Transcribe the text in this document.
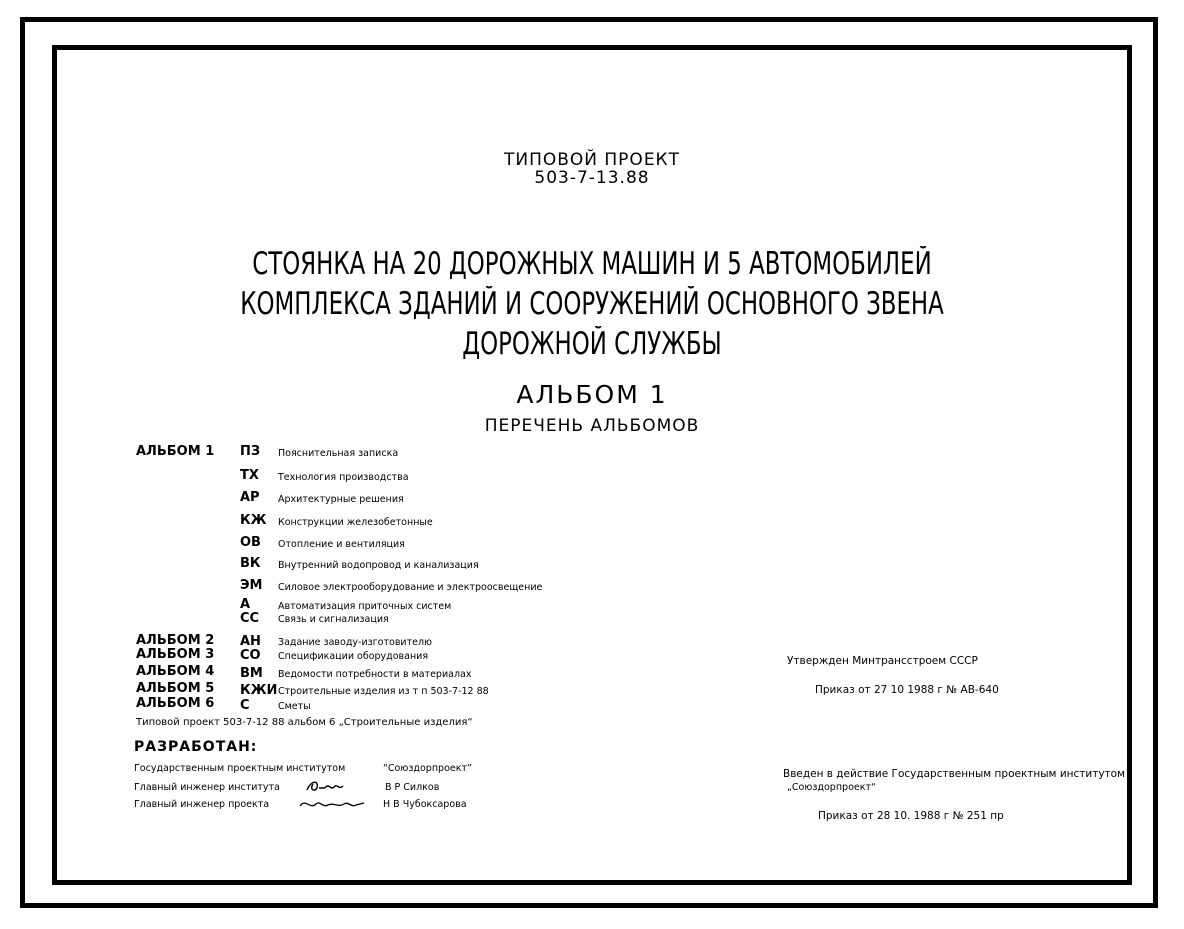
ТИПОВОЙ ПРОЕКТ
503-7-13.88
СТОЯНКА НА 20 ДОРОЖНЫХ МАШИН И 5 АВТОМОБИЛЕЙ
КОМПЛЕКСА ЗДАНИЙ И СООРУЖЕНИЙ ОСНОВНОГО ЗВЕНА
ДОРОЖНОЙ СЛУЖБЫ
АЛЬБОМ 1
ПЕРЕЧЕНЬ АЛЬБОМОВ
АЛЬБОМ 1 ПЗ Пояснительная записка
ТХ Технология производства
АР Архитектурные решения
КЖ Конструкции железобетонные
ОВ Отопление и вентиляция
ВК Внутренний водопровод и канализация
ЭМ Силовое электрооборудование и электроосвещение
А	Автоматизация приточных систем
СС Связь и сигнализация
АЛЬБОМ 2 АН Задание заводу-изготовителю
АЛЬБОМ 3 СО Спецификации оборудования
АЛЬБОМ 4 ВМ Ведомости потребности в материалах
АЛЬБОМ 5 КЖИ Строительные изделия из т п 503-7-12 88
АЛЬБОМ 6 С	Сметы
Типовой проект 503-7-12 88 альбом 6 „Строительные изделия“
РАЗРАБОТАН:
Государственным проектным институтом	“Союздорпроект”
Главный инженер института	В Р Силков
Главный инженер проекта	Н В Чубоксарова
Утвержден Минтрансстроем СССР
Приказ от 27 10 1988 г № АВ-640
Введен в действие Государственным проектным институтом
„Союздорпроект“
Приказ от 28 10. 1988 г № 251 пр
